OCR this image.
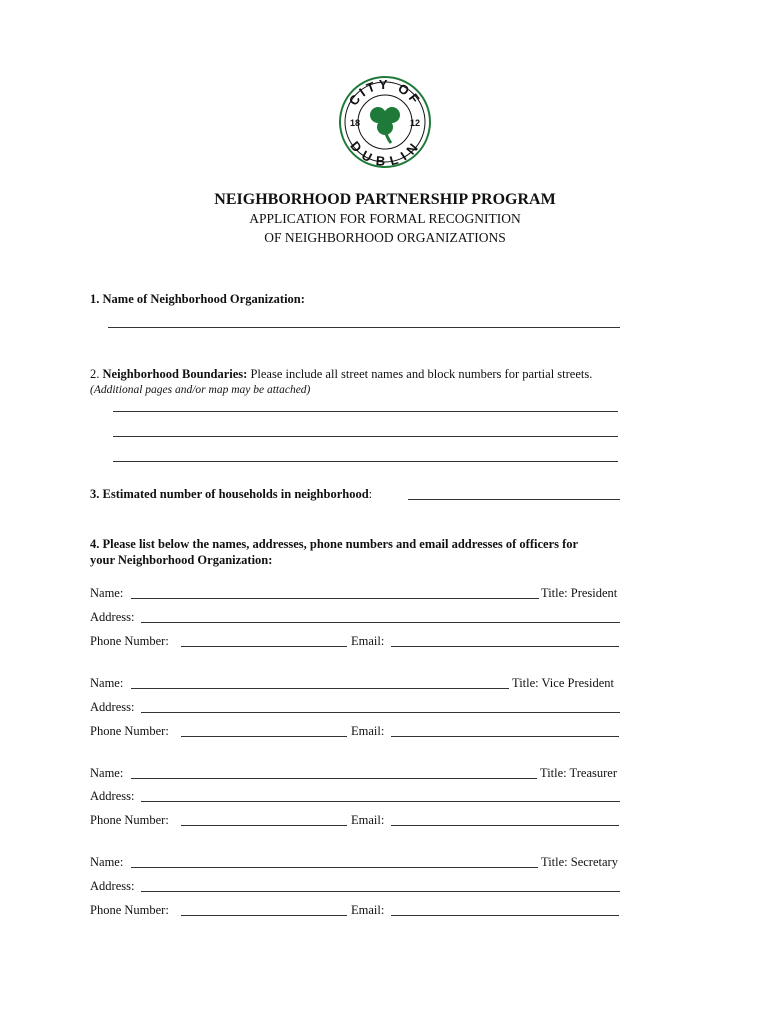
CITY OF
DUBLIN
18	12
NEIGHBORHOOD PARTNERSHIP PROGRAM
APPLICATION FOR FORMAL RECOGNITION
OF NEIGHBORHOOD ORGANIZATIONS
1. Name of Neighborhood Organization:
2. Neighborhood Boundaries: Please include all street names and block numbers for partial streets.
(Additional pages and/or map may be attached)
3. Estimated number of households in neighborhood:
4. Please list below the names, addresses, phone numbers and email addresses of officers for
your Neighborhood Organization:
Name:	Title: President
Address:
Phone Number:	Email:
Name:	Title: Vice President
Address:
Phone Number:	Email:
Name:	Title: Treasurer
Address:
Phone Number:	Email:
Name:	Title: Secretary
Address:
Phone Number:	Email:
